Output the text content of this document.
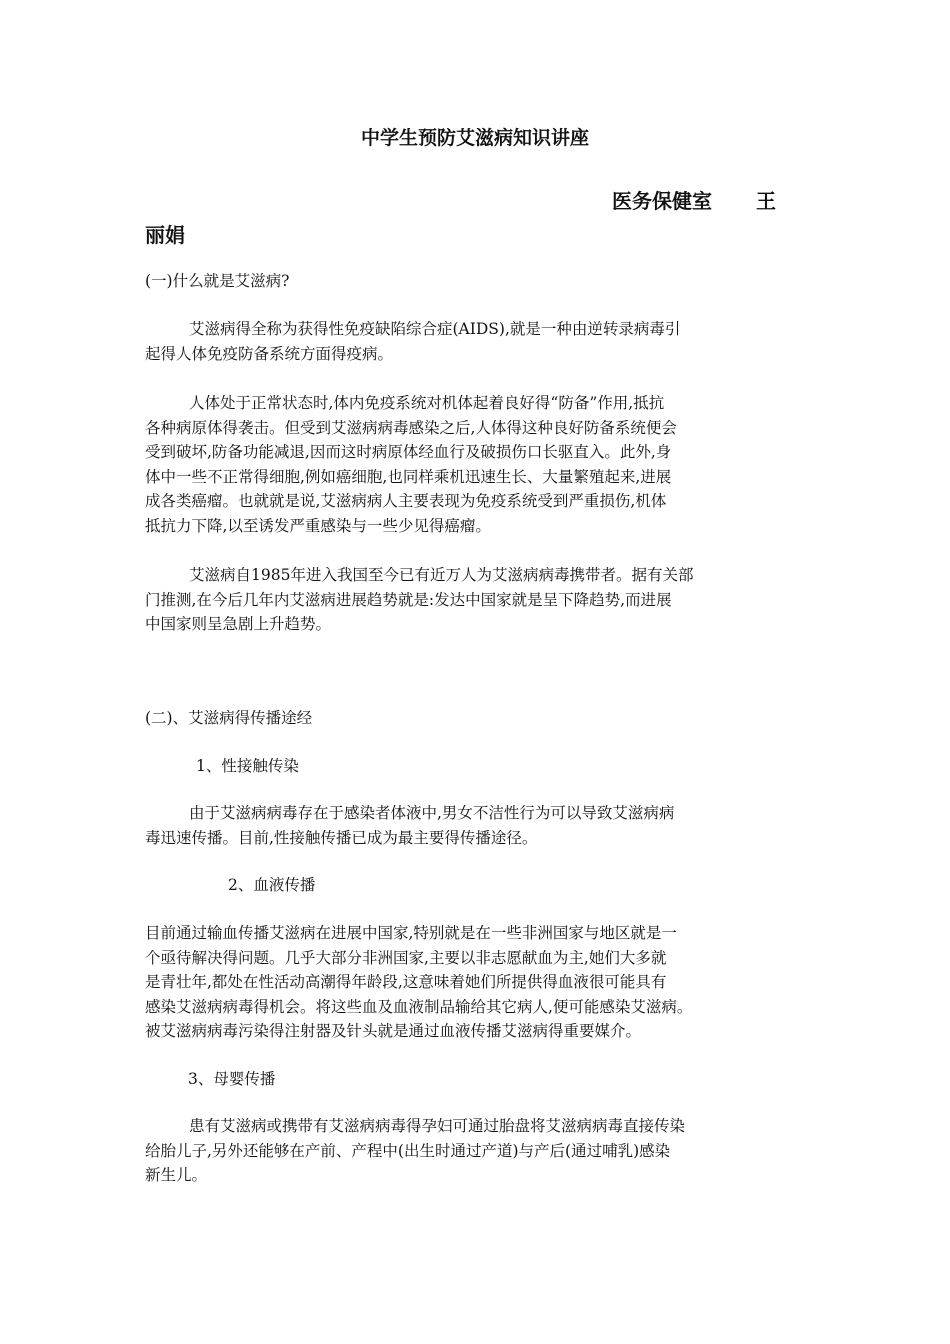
中学生预防艾滋病知识讲座
医务保健室 王
丽娟
(一)什么就是艾滋病?
艾滋病得全称为获得性免疫缺陷综合症(AIDS),就是一种由逆转录病毒引
起得人体免疫防备系统方面得疫病。
人体处于正常状态时,体内免疫系统对机体起着良好得“防备”作用,抵抗
各种病原体得袭击。但受到艾滋病病毒感染之后,人体得这种良好防备系统便会
受到破坏,防备功能减退,因而这时病原体经血行及破损伤口长驱直入。此外,身
体中一些不正常得细胞,例如癌细胞,也同样乘机迅速生长、大量繁殖起来,进展
成各类癌瘤。也就就是说,艾滋病病人主要表现为免疫系统受到严重损伤,机体
抵抗力下降,以至诱发严重感染与一些少见得癌瘤。
艾滋病自1985年进入我国至今已有近万人为艾滋病病毒携带者。据有关部
门推测,在今后几年内艾滋病进展趋势就是:发达中国家就是呈下降趋势,而进展
中国家则呈急剧上升趋势。
(二)、艾滋病得传播途经
1、性接触传染
由于艾滋病病毒存在于感染者体液中,男女不洁性行为可以导致艾滋病病
毒迅速传播。目前,性接触传播已成为最主要得传播途径。
2、血液传播
目前通过输血传播艾滋病在进展中国家,特别就是在一些非洲国家与地区就是一
个亟待解决得问题。几乎大部分非洲国家,主要以非志愿献血为主,她们大多就
是青壮年,都处在性活动高潮得年龄段,这意味着她们所提供得血液很可能具有
感染艾滋病病毒得机会。将这些血及血液制品输给其它病人,便可能感染艾滋病。
被艾滋病病毒污染得注射器及针头就是通过血液传播艾滋病得重要媒介。
3、母婴传播
患有艾滋病或携带有艾滋病病毒得孕妇可通过胎盘将艾滋病病毒直接传染
给胎儿子,另外还能够在产前、产程中(出生时通过产道)与产后(通过哺乳)感染
新生儿。
